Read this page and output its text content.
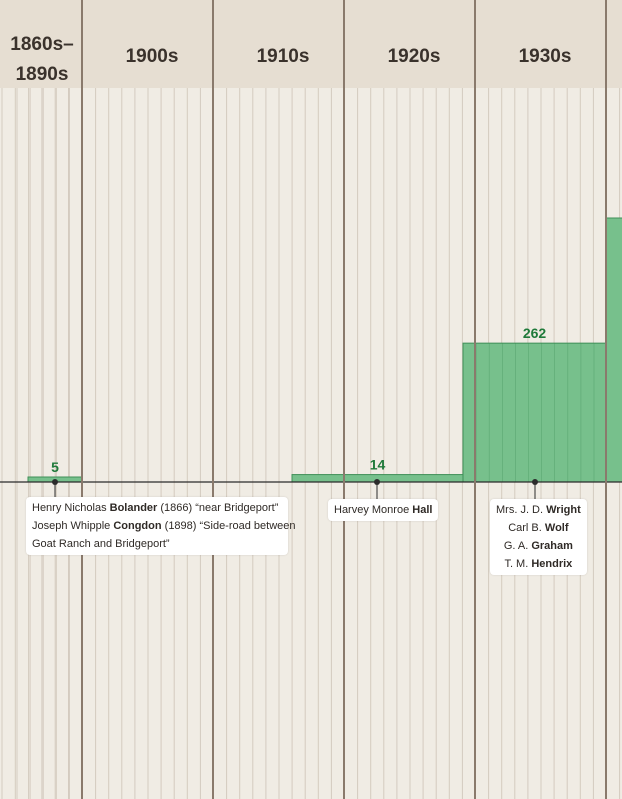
5	14
262
1860s–
1890s
1900s	1910s	1920s	1930s
Henry Nicholas Bolander (1866) “near Bridgeport”
Joseph Whipple Congdon (1898) “Side-road between
Goat Ranch and Bridgeport”
Harvey Monroe Hall	Mrs. J. D. Wright
Carl B. Wolf
G. A. Graham
T. M. Hendrix
